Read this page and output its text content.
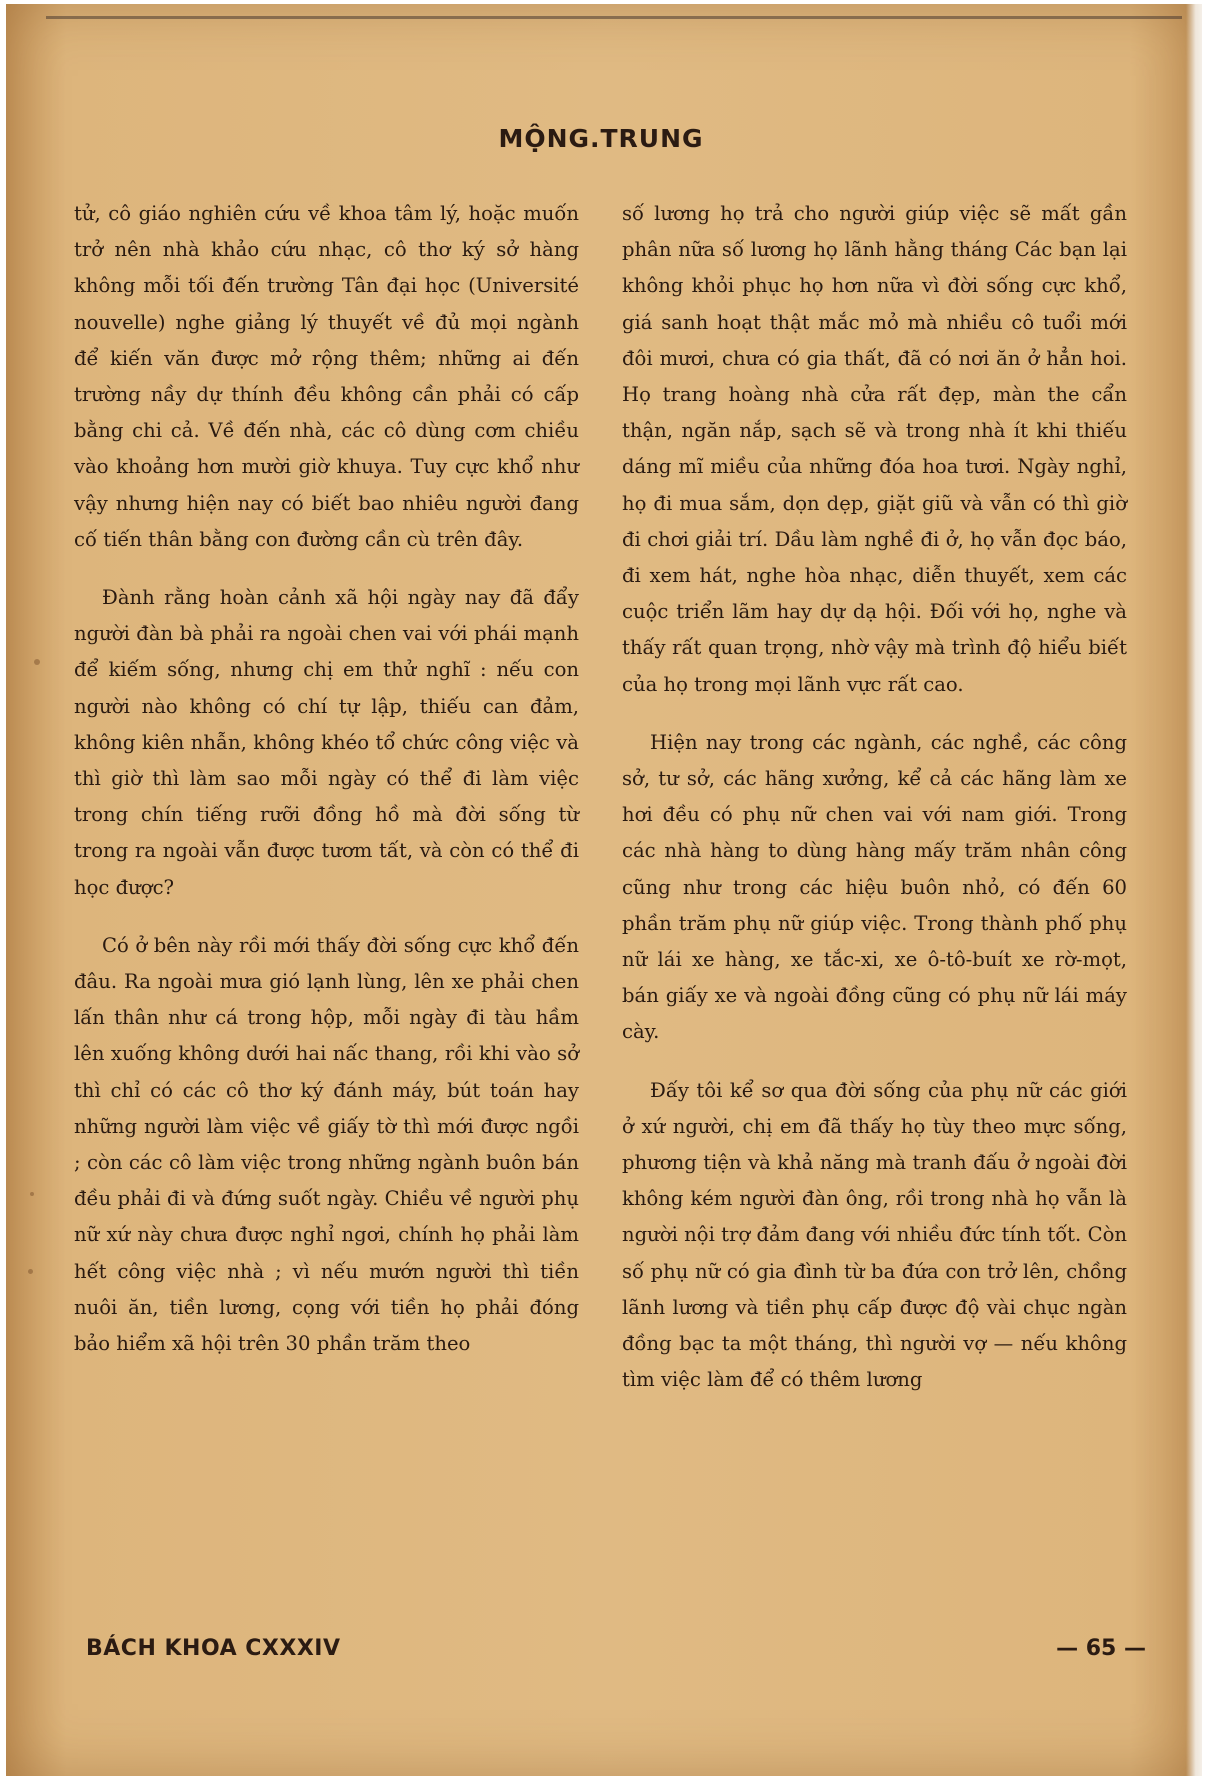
MỘNG.TRUNG

tử, cô giáo nghiên cứu về khoa tâm lý, hoặc muốn trở nên nhà khảo cứu nhạc, cô thơ ký sở hàng không mỗi tối đến trường Tân đại học (Université nouvelle) nghe giảng lý thuyết về đủ mọi ngành để kiến văn được mở rộng thêm; những ai đến trường nầy dự thính đều không cần phải có cấp bằng chi cả. Về đến nhà, các cô dùng cơm chiều vào khoảng hơn mười giờ khuya. Tuy cực khổ như vậy nhưng hiện nay có biết bao nhiêu người đang cố tiến thân bằng con đường cần cù trên đây.

Đành rằng hoàn cảnh xã hội ngày nay đã đẩy người đàn bà phải ra ngoài chen vai với phái mạnh để kiếm sống, nhưng chị em thử nghĩ : nếu con người nào không có chí tự lập, thiếu can đảm, không kiên nhẫn, không khéo tổ chức công việc và thì giờ thì làm sao mỗi ngày có thể đi làm việc trong chín tiếng rưỡi đồng hồ mà đời sống từ trong ra ngoài vẫn được tươm tất, và còn có thể đi học được?

Có ở bên này rồi mới thấy đời sống cực khổ đến đâu. Ra ngoài mưa gió lạnh lùng, lên xe phải chen lấn thân như cá trong hộp, mỗi ngày đi tàu hầm lên xuống không dưới hai nấc thang, rồi khi vào sở thì chỉ có các cô thơ ký đánh máy, bút toán hay những người làm việc về giấy tờ thì mới được ngồi ; còn các cô làm việc trong những ngành buôn bán đều phải đi và đứng suốt ngày. Chiều về người phụ nữ xứ này chưa được nghỉ ngơi, chính họ phải làm hết công việc nhà ; vì nếu mướn người thì tiền nuôi ăn, tiền lương, cọng với tiền họ phải đóng bảo hiểm xã hội trên 30 phần trăm theo

số lương họ trả cho người giúp việc sẽ mất gần phân nữa số lương họ lãnh hằng tháng Các bạn lại không khỏi phục họ hơn nữa vì đời sống cực khổ, giá sanh hoạt thật mắc mỏ mà nhiều cô tuổi mới đôi mươi, chưa có gia thất, đã có nơi ăn ở hẳn hoi. Họ trang hoàng nhà cửa rất đẹp, màn the cẩn thận, ngăn nắp, sạch sẽ và trong nhà ít khi thiếu dáng mĩ miều của những đóa hoa tươi. Ngày nghỉ, họ đi mua sắm, dọn dẹp, giặt giũ và vẫn có thì giờ đi chơi giải trí. Dầu làm nghề đi ở, họ vẫn đọc báo, đi xem hát, nghe hòa nhạc, diễn thuyết, xem các cuộc triển lãm hay dự dạ hội. Đối với họ, nghe và thấy rất quan trọng, nhờ vậy mà trình độ hiểu biết của họ trong mọi lãnh vực rất cao.

Hiện nay trong các ngành, các nghề, các công sở, tư sở, các hãng xưởng, kể cả các hãng làm xe hơi đều có phụ nữ chen vai với nam giới. Trong các nhà hàng to dùng hàng mấy trăm nhân công cũng như trong các hiệu buôn nhỏ, có đến 60 phần trăm phụ nữ giúp việc. Trong thành phố phụ nữ lái xe hàng, xe tắc-xi, xe ô-tô-buít xe rờ-mọt, bán giấy xe và ngoài đồng cũng có phụ nữ lái máy cày.

Đấy tôi kể sơ qua đời sống của phụ nữ các giới ở xứ người, chị em đã thấy họ tùy theo mực sống, phương tiện và khả năng mà tranh đấu ở ngoài đời không kém người đàn ông, rồi trong nhà họ vẫn là người nội trợ đảm đang với nhiều đức tính tốt. Còn số phụ nữ có gia đình từ ba đứa con trở lên, chồng lãnh lương và tiền phụ cấp được độ vài chục ngàn đồng bạc ta một tháng, thì người vợ — nếu không tìm việc làm để có thêm lương

BÁCH KHOA CXXXIV	— 65 —
